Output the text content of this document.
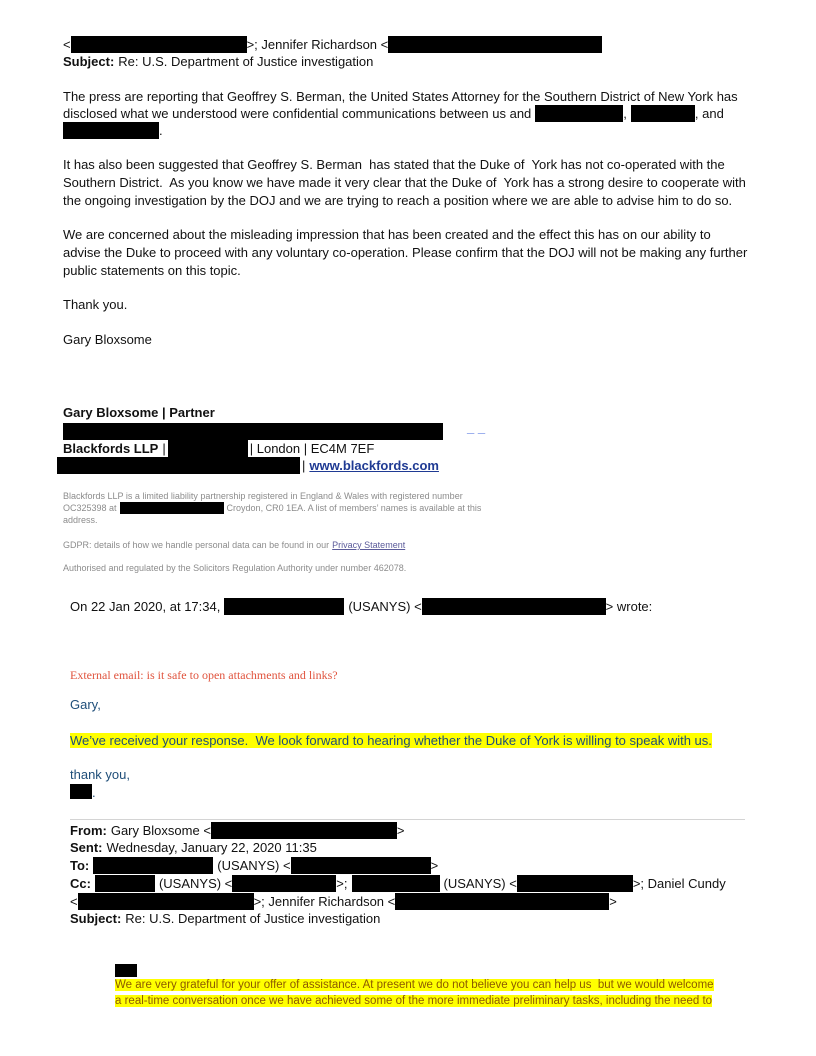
<	>; Jennifer Richardson <
Subject: Re: U.S. Department of Justice investigation
The press are reporting that Geoffrey S. Berman, the United States Attorney for the Southern District of New York has
disclosed what we understood were confidential communications between us and	,	, and
.
It has also been suggested that Geoffrey S. Berman  has stated that the Duke of  York has not co-operated with the
Southern District.  As you know we have made it very clear that the Duke of  York has a strong desire to cooperate with
the ongoing investigation by the DOJ and we are trying to reach a position where we are able to advise him to do so.
We are concerned about the misleading impression that has been created and the effect this has on our ability to
advise the Duke to proceed with any voluntary co-operation. Please confirm that the DOJ will not be making any further
public statements on this topic.
Thank you.
Gary Bloxsome
Gary Bloxsome | Partner
_ _
Blackfords LLP |	| London | EC4M 7EF
| www.blackfords.com
Blackfords LLP is a limited liability partnership registered in England & Wales with registered number
OC325398 at	Croydon, CR0 1EA. A list of members’ names is available at this
address.
GDPR: details of how we handle personal data can be found in our Privacy Statement
Authorised and regulated by the Solicitors Regulation Authority under number 462078.
On 22 Jan 2020, at 17:34,	(USANYS) <	> wrote:
External email: is it safe to open attachments and links?
Gary,
We’ve received your response.  We look forward to hearing whether the Duke of York is willing to speak with us.
thank you,
.
From: Gary Bloxsome <	>
Sent: Wednesday, January 22, 2020 11:35
To:	(USANYS) <	>
Cc:	(USANYS) <	>;	(USANYS) <	>; Daniel Cundy
<	>; Jennifer Richardson <	>
Subject: Re: U.S. Department of Justice investigation
We are very grateful for your offer of assistance. At present we do not believe you can help us  but we would welcome
a real-time conversation once we have achieved some of the more immediate preliminary tasks, including the need to
